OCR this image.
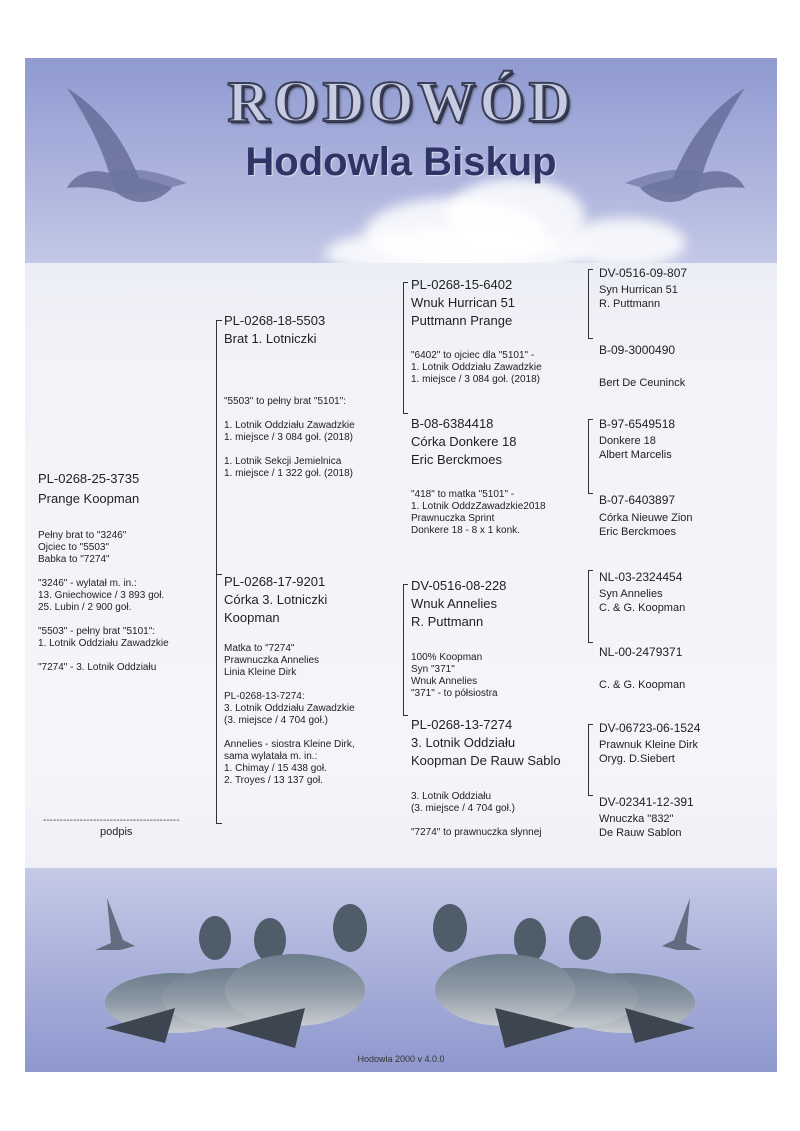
RODOWÓD
Hodowla Biskup
PL-0268-25-3735
Prange Koopman
Pełny brat to "3246"
Ojciec to "5503"
Babka to "7274"
"3246" - wylatał m. in.:
13. Gniechowice / 3 893 goł.
25. Lubin / 2 900 goł.
"5503" - pełny brat "5101":
1. Lotnik Oddziału Zawadzkie
"7274" - 3. Lotnik Oddziału
-----------------------------------------
podpis
PL-0268-18-5503
Brat 1. Lotniczki
"5503" to pełny brat "5101":
1. Lotnik Oddziału Zawadzkie
1. miejsce / 3 084 goł. (2018)
1. Lotnik Sekcji Jemielnica
1. miejsce / 1 322 goł. (2018)
PL-0268-17-9201
Córka 3. Lotniczki
Koopman
Matka to "7274"
Prawnuczka Annelies
Linia Kleine Dirk
PL-0268-13-7274:
3. Lotnik Oddziału Zawadzkie
(3. miejsce / 4 704 goł.)
Annelies - siostra Kleine Dirk,
sama wylatała m. in.:
1. Chimay / 15 438 goł.
2. Troyes / 13 137 goł.
PL-0268-15-6402
Wnuk Hurrican 51
Puttmann Prange
"6402" to ojciec dla "5101" -
1. Lotnik Oddziału Zawadzkie
1. miejsce / 3 084 goł. (2018)
B-08-6384418
Córka Donkere 18
Eric Berckmoes
"418" to matka "5101" -
1. Lotnik OddzZawadzkie2018
Prawnuczka Sprint
Donkere 18 - 8 x 1 konk.
DV-0516-08-228
Wnuk Annelies
R. Puttmann
100% Koopman
Syn "371"
Wnuk Annelies
"371" - to półsiostra
PL-0268-13-7274
3. Lotnik Oddziału
Koopman De Rauw Sablo
3. Lotnik Oddziału
(3. miejsce / 4 704 goł.)
"7274" to prawnuczka słynnej
DV-0516-09-807
Syn Hurrican 51
R. Puttmann
B-09-3000490
Bert De Ceuninck
B-97-6549518
Donkere 18
Albert Marcelis
B-07-6403897
Córka Nieuwe Zion
Eric Berckmoes
NL-03-2324454
Syn Annelies
C. & G. Koopman
NL-00-2479371
C. & G. Koopman
DV-06723-06-1524
Prawnuk Kleine Dirk
Oryg. D.Siebert
DV-02341-12-391
Wnuczka "832"
De Rauw Sablon
Hodowla 2000 v 4.0.0
